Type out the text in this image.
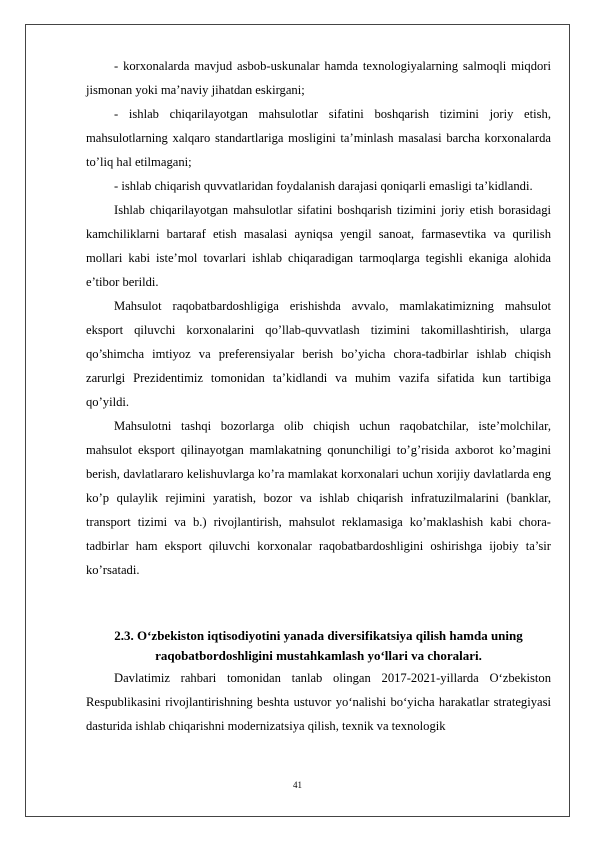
- korxonalarda mavjud asbob-uskunalar hamda texnologiyalarning salmoqli miqdori jismonan yoki ma’naviy jihatdan eskirgani;

- ishlab chiqarilayotgan mahsulotlar sifatini boshqarish tizimini joriy etish, mahsulotlarning xalqaro standartlariga mosligini ta’minlash masalasi barcha korxonalarda to’liq hal etilmagani;

- ishlab chiqarish quvvatlaridan foydalanish darajasi qoniqarli emasligi ta’kidlandi.

Ishlab chiqarilayotgan mahsulotlar sifatini boshqarish tizimini joriy etish borasidagi kamchiliklarni bartaraf etish masalasi ayniqsa yengil sanoat, farmasevtika va qurilish mollari kabi iste’mol tovarlari ishlab chiqaradigan tarmoqlarga tegishli ekaniga alohida e’tibor berildi.

Mahsulot raqobatbardoshligiga erishishda avvalo, mamlakatimizning mahsulot eksport qiluvchi korxonalarini qo’llab-quvvatlash tizimini takomillashtirish, ularga qo’shimcha imtiyoz va preferensiyalar berish bo’yicha chora-tadbirlar ishlab chiqish zarurlgi Prezidentimiz tomonidan ta’kidlandi va muhim vazifa sifatida kun tartibiga qo’yildi.

Mahsulotni tashqi bozorlarga olib chiqish uchun raqobatchilar, iste’molchilar, mahsulot eksport qilinayotgan mamlakatning qonunchiligi to’g’risida axborot ko’magini berish, davlatlararo kelishuvlarga ko’ra mamlakat korxonalari uchun xorijiy davlatlarda eng ko’p qulaylik rejimini yaratish, bozor va ishlab chiqarish infratuzilmalarini (banklar, transport tizimi va b.) rivojlantirish, mahsulot reklamasiga ko’maklashish kabi chora-tadbirlar ham eksport qiluvchi korxonalar raqobatbardoshligini oshirishga ijobiy ta’sir ko’rsatadi.

2.3. O‘zbekiston iqtisodiyotini yanada diversifikatsiya qilish hamda uning raqobatbordoshligini mustahkamlash yo‘llari va choralari.

Davlatimiz rahbari tomonidan tanlab olingan 2017-2021-yillarda O‘zbekiston Respublikasini rivojlantirishning beshta ustuvor yo‘nalishi bo‘yicha harakatlar strategiyasi dasturida ishlab chiqarishni modernizatsiya qilish, texnik va texnologik

41
